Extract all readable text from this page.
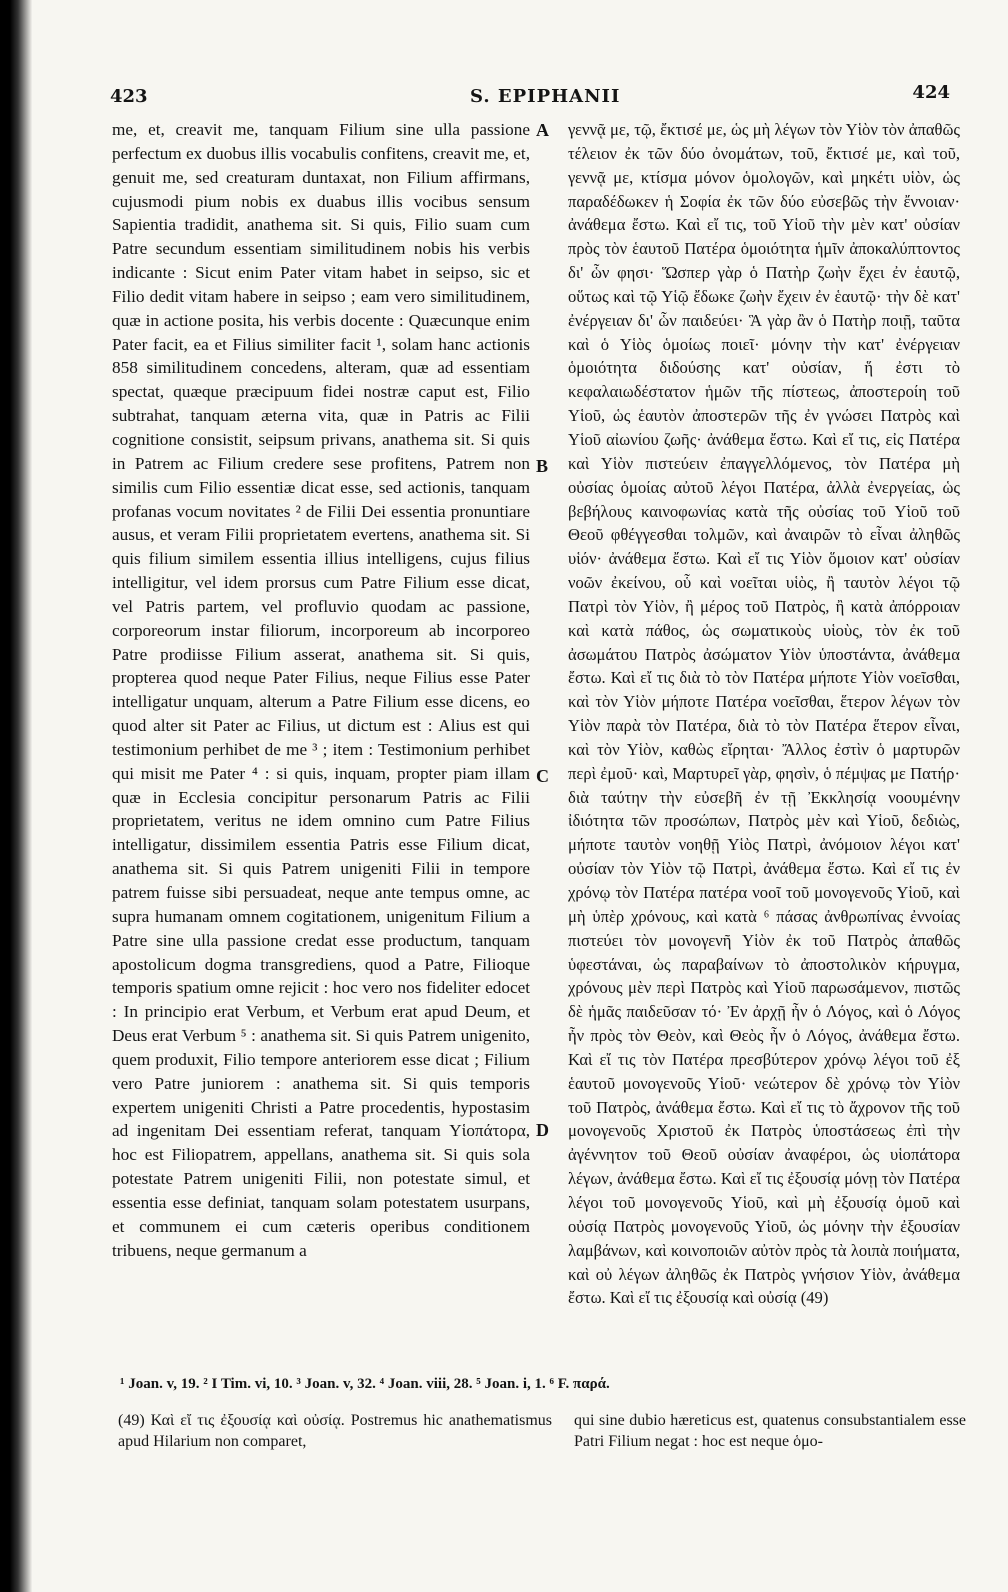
423	S. EPIPHANII	424

me, et, creavit me, tanquam Filium sine ulla passione perfectum ex duobus illis vocabulis confitens, creavit me, et, genuit me, sed creaturam duntaxat, non Filium affirmans, cujusmodi pium nobis ex duabus illis vocibus sensum Sapientia tradidit, anathema sit. Si quis, Filio suam cum Patre secundum essentiam similitudinem nobis his verbis indicante : Sicut enim Pater vitam habet in seipso, sic et Filio dedit vitam habere in seipso ; eam vero similitudinem, quæ in actione posita, his verbis docente : Quæcunque enim Pater facit, ea et Filius similiter facit ¹, solam hanc actionis 858 similitudinem concedens, alteram, quæ ad essentiam spectat, quæque præcipuum fidei nostræ caput est, Filio subtrahat, tanquam æterna vita, quæ in Patris ac Filii cognitione consistit, seipsum privans, anathema sit. Si quis in Patrem ac Filium credere sese profitens, Patrem non similis cum Filio essentiæ dicat esse, sed actionis, tanquam profanas vocum novitates ² de Filii Dei essentia pronuntiare ausus, et veram Filii proprietatem evertens, anathema sit. Si quis filium similem essentia illius intelligens, cujus filius intelligitur, vel idem prorsus cum Patre Filium esse dicat, vel Patris partem, vel profluvio quodam ac passione, corporeorum instar filiorum, incorporeum ab incorporeo Patre prodiisse Filium asserat, anathema sit. Si quis, propterea quod neque Pater Filius, neque Filius esse Pater intelligatur unquam, alterum a Patre Filium esse dicens, eo quod alter sit Pater ac Filius, ut dictum est : Alius est qui testimonium perhibet de me ³ ; item : Testimonium perhibet qui misit me Pater ⁴ : si quis, inquam, propter piam illam quæ in Ecclesia concipitur personarum Patris ac Filii proprietatem, veritus ne idem omnino cum Patre Filius intelligatur, dissimilem essentia Patris esse Filium dicat, anathema sit. Si quis Patrem unigeniti Filii in tempore patrem fuisse sibi persuadeat, neque ante tempus omne, ac supra humanam omnem cogitationem, unigenitum Filium a Patre sine ulla passione credat esse productum, tanquam apostolicum dogma transgrediens, quod a Patre, Filioque temporis spatium omne rejicit : hoc vero nos fideliter edocet : In principio erat Verbum, et Verbum erat apud Deum, et Deus erat Verbum ⁵ : anathema sit. Si quis Patrem unigenito, quem produxit, Filio tempore anteriorem esse dicat ; Filium vero Patre juniorem : anathema sit. Si quis temporis expertem unigeniti Christi a Patre procedentis, hypostasim ad ingenitam Dei essentiam referat, tanquam Υἱοπάτορα, hoc est Filiopatrem, appellans, anathema sit. Si quis sola potestate Patrem unigeniti Filii, non potestate simul, et essentia esse definiat, tanquam solam potestatem usurpans, et communem ei cum cæteris operibus conditionem tribuens, neque germanum a

A
B
C
D

γεννᾷ με, τῷ, ἔκτισέ με, ὡς μὴ λέγων τὸν Υἱὸν τὸν ἀπαθῶς τέλειον ἐκ τῶν δύο ὀνομάτων, τοῦ, ἔκτισέ με, καὶ τοῦ, γεννᾷ με, κτίσμα μόνον ὁμολογῶν, καὶ μηκέτι υἱὸν, ὡς παραδέδωκεν ἡ Σοφία ἐκ τῶν δύο εὐσεβῶς τὴν ἔννοιαν· ἀνάθεμα ἔστω. Καὶ εἴ τις, τοῦ Υἱοῦ τὴν μὲν κατ' οὐσίαν πρὸς τὸν ἑαυτοῦ Πατέρα ὁμοιότητα ἡμῖν ἀποκαλύπτοντος δι' ὧν φησι· Ὥσπερ γὰρ ὁ Πατὴρ ζωὴν ἔχει ἐν ἑαυτῷ, οὕτως καὶ τῷ Υἱῷ ἔδωκε ζωὴν ἔχειν ἐν ἑαυτῷ· τὴν δὲ κατ' ἐνέργειαν δι' ὧν παιδεύει· Ἃ γὰρ ἂν ὁ Πατὴρ ποιῇ, ταῦτα καὶ ὁ Υἱὸς ὁμοίως ποιεῖ· μόνην τὴν κατ' ἐνέργειαν ὁμοιότητα διδούσης κατ' οὐσίαν, ἥ ἐστι τὸ κεφαλαιωδέστατον ἡμῶν τῆς πίστεως, ἀποστεροίη τοῦ Υἱοῦ, ὡς ἑαυτὸν ἀποστερῶν τῆς ἐν γνώσει Πατρὸς καὶ Υἱοῦ αἰωνίου ζωῆς· ἀνάθεμα ἔστω. Καὶ εἴ τις, εἰς Πατέρα καὶ Υἱὸν πιστεύειν ἐπαγγελλόμενος, τὸν Πατέρα μὴ οὐσίας ὁμοίας αὐτοῦ λέγοι Πατέρα, ἀλλὰ ἐνεργείας, ὡς βεβήλους καινοφωνίας κατὰ τῆς οὐσίας τοῦ Υἱοῦ τοῦ Θεοῦ φθέγγεσθαι τολμῶν, καὶ ἀναιρῶν τὸ εἶναι ἀληθῶς υἱόν· ἀνάθεμα ἔστω. Καὶ εἴ τις Υἱὸν ὅμοιον κατ' οὐσίαν νοῶν ἐκείνου, οὗ καὶ νοεῖται υἱὸς, ἢ ταυτὸν λέγοι τῷ Πατρὶ τὸν Υἱὸν, ἢ μέρος τοῦ Πατρὸς, ἢ κατὰ ἀπόρροιαν καὶ κατὰ πάθος, ὡς σωματικοὺς υἱοὺς, τὸν ἐκ τοῦ ἀσωμάτου Πατρὸς ἀσώματον Υἱὸν ὑποστάντα, ἀνάθεμα ἔστω. Καὶ εἴ τις διὰ τὸ τὸν Πατέρα μήποτε Υἱὸν νοεῖσθαι, καὶ τὸν Υἱὸν μήποτε Πατέρα νοεῖσθαι, ἕτερον λέγων τὸν Υἱὸν παρὰ τὸν Πατέρα, διὰ τὸ τὸν Πατέρα ἕτερον εἶναι, καὶ τὸν Υἱὸν, καθὼς εἴρηται· Ἄλλος ἐστὶν ὁ μαρτυρῶν περὶ ἐμοῦ· καὶ, Μαρτυρεῖ γὰρ, φησὶν, ὁ πέμψας με Πατήρ· διὰ ταύτην τὴν εὐσεβῆ ἐν τῇ Ἐκκλησίᾳ νοουμένην ἰδιότητα τῶν προσώπων, Πατρὸς μὲν καὶ Υἱοῦ, δεδιὼς, μήποτε ταυτὸν νοηθῇ Υἱὸς Πατρὶ, ἀνόμοιον λέγοι κατ' οὐσίαν τὸν Υἱὸν τῷ Πατρὶ, ἀνάθεμα ἔστω. Καὶ εἴ τις ἐν χρόνῳ τὸν Πατέρα πατέρα νοοῖ τοῦ μονογενοῦς Υἱοῦ, καὶ μὴ ὑπὲρ χρόνους, καὶ κατὰ ⁶ πάσας ἀνθρωπίνας ἐννοίας πιστεύει τὸν μονογενῆ Υἱὸν ἐκ τοῦ Πατρὸς ἀπαθῶς ὑφεστάναι, ὡς παραβαίνων τὸ ἀποστολικὸν κήρυγμα, χρόνους μὲν περὶ Πατρὸς καὶ Υἱοῦ παρωσάμενον, πιστῶς δὲ ἡμᾶς παιδεῦσαν τό· Ἐν ἀρχῇ ἦν ὁ Λόγος, καὶ ὁ Λόγος ἦν πρὸς τὸν Θεὸν, καὶ Θεὸς ἦν ὁ Λόγος, ἀνάθεμα ἔστω. Καὶ εἴ τις τὸν Πατέρα πρεσβύτερον χρόνῳ λέγοι τοῦ ἐξ ἑαυτοῦ μονογενοῦς Υἱοῦ· νεώτερον δὲ χρόνῳ τὸν Υἱὸν τοῦ Πατρὸς, ἀνάθεμα ἔστω. Καὶ εἴ τις τὸ ἄχρονον τῆς τοῦ μονογενοῦς Χριστοῦ ἐκ Πατρὸς ὑποστάσεως ἐπὶ τὴν ἀγέννητον τοῦ Θεοῦ οὐσίαν ἀναφέροι, ὡς υἱοπάτορα λέγων, ἀνάθεμα ἔστω. Καὶ εἴ τις ἐξουσίᾳ μόνῃ τὸν Πατέρα λέγοι τοῦ μονογενοῦς Υἱοῦ, καὶ μὴ ἐξουσίᾳ ὁμοῦ καὶ οὐσίᾳ Πατρὸς μονογενοῦς Υἱοῦ, ὡς μόνην τὴν ἐξουσίαν λαμβάνων, καὶ κοινοποιῶν αὐτὸν πρὸς τὰ λοιπὰ ποιήματα, καὶ οὐ λέγων ἀληθῶς ἐκ Πατρὸς γνήσιον Υἱὸν, ἀνάθεμα ἔστω. Καὶ εἴ τις ἐξουσίᾳ καὶ οὐσίᾳ (49)

¹ Joan. v, 19. ² I Tim. vi, 10. ³ Joan. v, 32. ⁴ Joan. viii, 28. ⁵ Joan. i, 1. ⁶ F. παρά.
(49) Καὶ εἴ τις ἐξουσίᾳ καὶ οὐσίᾳ. Postremus hic anathematismus apud Hilarium non comparet,
qui sine dubio hæreticus est, quatenus consubstantialem esse Patri Filium negat : hoc est neque ὁμο-
